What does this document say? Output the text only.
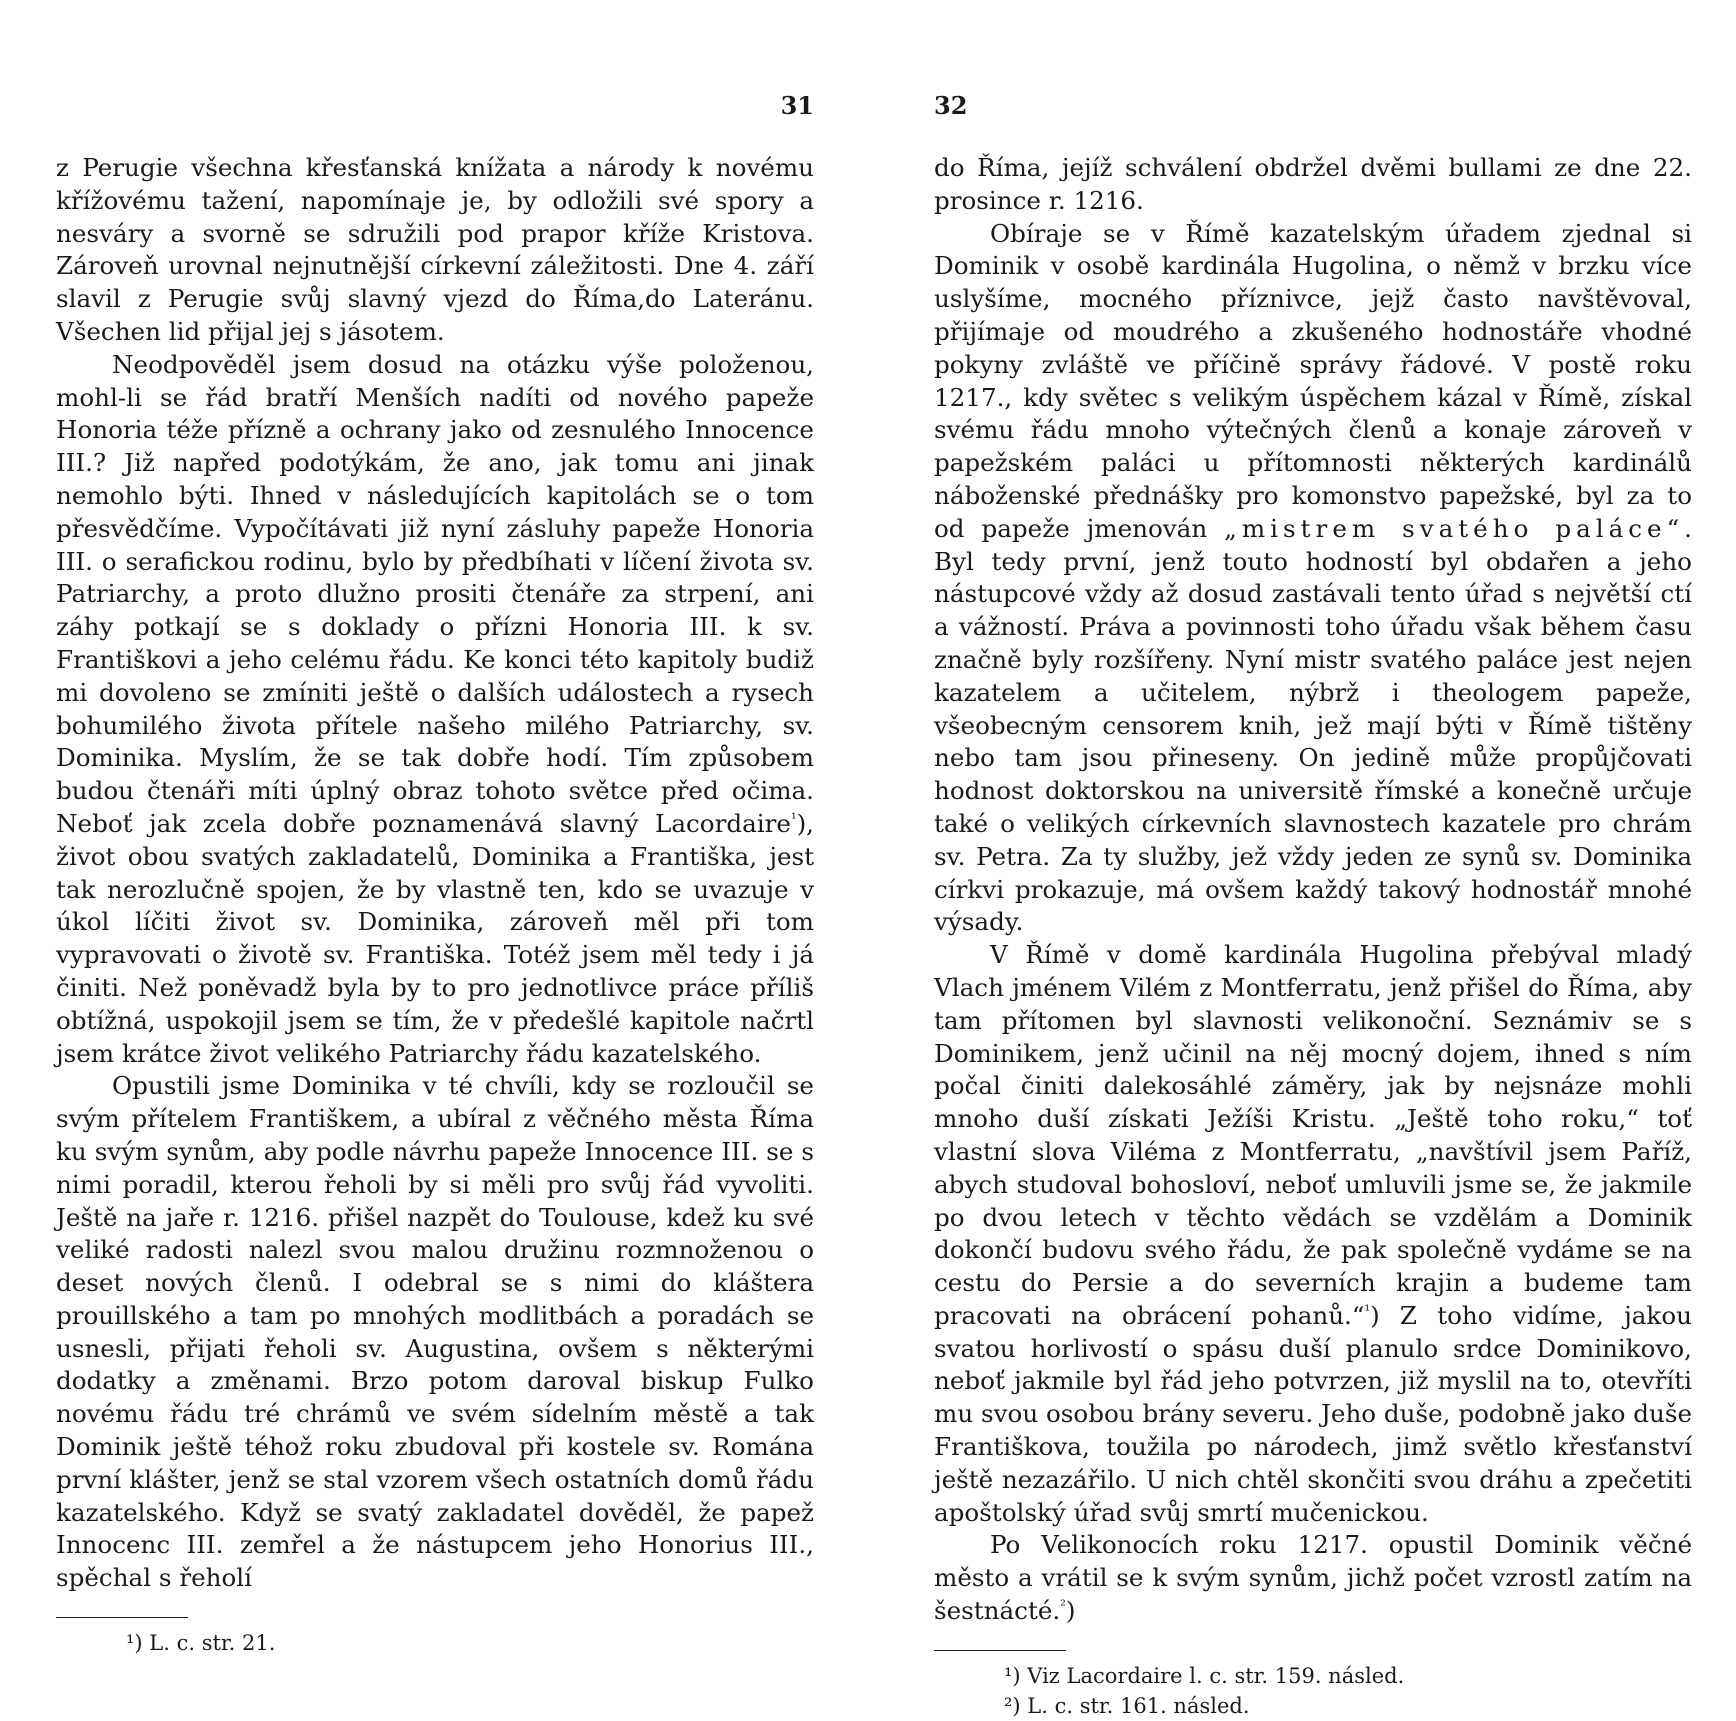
31

z Perugie všechna křesťanská knížata a národy k novému křížovému tažení, napomínaje je, by odložili své spory a nesváry a svorně se sdružili pod prapor kříže Kristova. Zároveň urovnal nejnutnější církevní záležitosti. Dne 4. září slavil z Perugie svůj slavný vjezd do Říma,do Lateránu. Všechen lid přijal jej s jásotem.

Neodpověděl jsem dosud na otázku výše položenou, mohl-li se řád bratří Menších nadíti od nového papeže Honoria téže přízně a ochrany jako od zesnulého Innocence III.? Již napřed podotýkám, že ano, jak tomu ani jinak nemohlo býti. Ihned v následujících kapitolách se o tom přesvědčíme. Vypočítávati již nyní zásluhy papeže Honoria III. o serafickou rodinu, bylo by předbíhati v líčení života sv. Patriarchy, a proto dlužno prositi čtenáře za strpení, ani záhy potkají se s doklady o přízni Honoria III. k sv. Františkovi a jeho celému řádu. Ke konci této kapitoly budiž mi dovoleno se zmíniti ještě o dalších událostech a rysech bohumilého života přítele našeho milého Patriarchy, sv. Dominika. Myslím, že se tak dobře hodí. Tím způsobem budou čtenáři míti úplný obraz tohoto světce před očima. Neboť jak zcela dobře poznamenává slavný Lacordaire$^{^1}$), život obou svatých zakladatelů, Dominika a Františka, jest tak nerozlučně spojen, že by vlastně ten, kdo se uvazuje v úkol líčiti život sv. Dominika, zároveň měl při tom vypravovati o životě sv. Františka. Totéž jsem měl tedy i já činiti. Než poněvadž byla by to pro jednotlivce práce příliš obtížná, uspokojil jsem se tím, že v předešlé kapitole načrtl jsem krátce život velikého Patriarchy řádu kazatelského.

Opustili jsme Dominika v té chvíli, kdy se rozloučil se svým přítelem Františkem, a ubíral z věčného města Říma ku svým synům, aby podle návrhu papeže Innocence III. se s nimi poradil, kterou řeholi by si měli pro svůj řád vyvoliti. Ještě na jaře r. 1216. přišel nazpět do Toulouse, kdež ku své veliké radosti nalezl svou malou družinu rozmnoženou o deset nových členů. I odebral se s nimi do kláštera prouillského a tam po mnohých modlitbách a poradách se usnesli, přijati řeholi sv. Augustina, ovšem s některými dodatky a změnami. Brzo potom daroval biskup Fulko novému řádu tré chrámů ve svém sídelním městě a tak Dominik ještě téhož roku zbudoval při kostele sv. Romána první klášter, jenž se stal vzorem všech ostatních domů řádu kazatelského. Když se svatý zakladatel dověděl, že papež Innocenc III. zemřel a že nástupcem jeho Honorius III., spěchal s řeholí

¹) L. c. str. 21.
32

do Říma, jejíž schválení obdržel dvěmi bullami ze dne 22. prosince r. 1216.

Obíraje se v Římě kazatelským úřadem zjednal si Dominik v osobě kardinála Hugolina, o němž v brzku více uslyšíme, mocného příznivce, jejž často navštěvoval, přijímaje od moudrého a zkušeného hodnostáře vhodné pokyny zvláště ve příčině správy řádové. V postě roku 1217., kdy světec s velikým úspěchem kázal v Římě, získal svému řádu mnoho výtečných členů a konaje zároveň v papežském paláci u přítomnosti některých kardinálů náboženské přednášky pro komonstvo papežské, byl za to od papeže jmenován „mistrem svatého paláce“. Byl tedy první, jenž touto hodností byl obdařen a jeho nástupcové vždy až dosud zastávali tento úřad s největší ctí a vážností. Práva a povinnosti toho úřadu však během času značně byly rozšířeny. Nyní mistr svatého paláce jest nejen kazatelem a učitelem, nýbrž i theologem papeže, všeobecným censorem knih, jež mají býti v Římě tištěny nebo tam jsou přineseny. On jedině může propůjčovati hodnost doktorskou na universitě římské a konečně určuje také o velikých církevních slavnostech kazatele pro chrám sv. Petra. Za ty služby, jež vždy jeden ze synů sv. Dominika církvi prokazuje, má ovšem každý takový hodnostář mnohé výsady.

V Římě v domě kardinála Hugolina přebýval mladý Vlach jménem Vilém z Montferratu, jenž přišel do Říma, aby tam přítomen byl slavnosti velikonoční. Seznámiv se s Dominikem, jenž učinil na něj mocný dojem, ihned s ním počal činiti dalekosáhlé záměry, jak by nejsnáze mohli mnoho duší získati Ježíši Kristu. „Ještě toho roku,“ toť vlastní slova Viléma z Montferratu, „navštívil jsem Paříž, abych studoval bohosloví, neboť umluvili jsme se, že jakmile po dvou letech v těchto vědách se vzdělám a Dominik dokončí budovu svého řádu, že pak společně vydáme se na cestu do Persie a do severních krajin a budeme tam pracovati na obrácení pohanů.“$^{^1}$) Z toho vidíme, jakou svatou horlivostí o spásu duší planulo srdce Dominikovo, neboť jakmile byl řád jeho potvrzen, již myslil na to, otevříti mu svou osobou brány severu. Jeho duše, podobně jako duše Františkova, toužila po národech, jimž světlo křesťanství ještě nezazářilo. U nich chtěl skončiti svou dráhu a zpečetiti apoštolský úřad svůj smrtí mučenickou.

Po Velikonocích roku 1217. opustil Dominik věčné město a vrátil se k svým synům, jichž počet vzrostl zatím na šestnácté.$^{^2}$)

¹) Viz Lacordaire l. c. str. 159. násled.
²) L. c. str. 161. násled.
